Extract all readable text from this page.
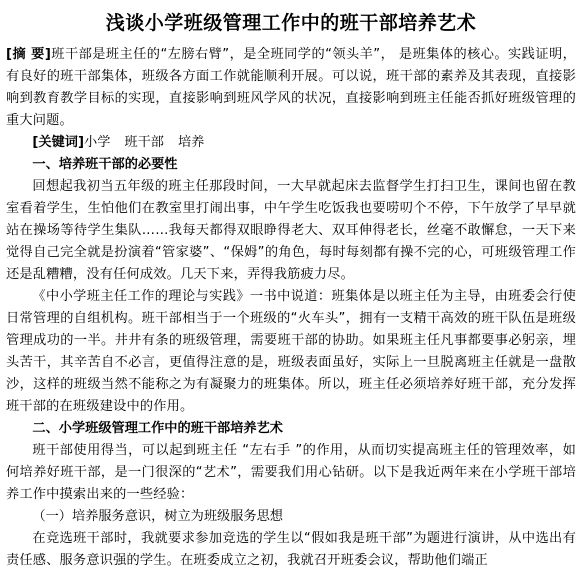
浅谈小学班级管理工作中的班干部培养艺术

[摘 要]班干部是班主任的“左膀右臂”，是全班同学的“领头羊”， 是班集体的核心。实践证明，有良好的班干部集体，班级各方面工作就能顺利开展。可以说，班干部的素养及其表现，直接影响到教育教学目标的实现，直接影响到班风学风的状况，直接影响到班主任能否抓好班级管理的重大问题。

[关键词]小学 班干部 培养

一、培养班干部的必要性

回想起我初当五年级的班主任那段时间，一大早就起床去监督学生打扫卫生，课间也留在教室看着学生，生怕他们在教室里打闹出事，中午学生吃饭我也要唠叨个不停，下午放学了早早就站在操场等待学生集队……我每天都得双眼睁得老大、双耳伸得老长，丝毫不敢懈怠，一天下来觉得自己完全就是扮演着“管家婆”、“保姆”的角色，每时每刻都有操不完的心，可班级管理工作还是乱糟糟，没有任何成效。几天下来，弄得我筋疲力尽。

《中小学班主任工作的理论与实践》一书中说道：班集体是以班主任为主导，由班委会行使日常管理的自组机构。班干部相当于一个班级的“火车头”，拥有一支精干高效的班干队伍是班级管理成功的一半。井井有条的班级管理，需要班干部的协助。如果班主任凡事都要事必躬亲，埋头苦干，其辛苦自不必言，更值得注意的是，班级表面虽好，实际上一旦脱离班主任就是一盘散沙，这样的班级当然不能称之为有凝聚力的班集体。所以，班主任必须培养好班干部，充分发挥班干部的在班级建设中的作用。

二、小学班级管理工作中的班干部培养艺术

班干部使用得当，可以起到班主任 “左右手 ”的作用，从而切实提高班主任的管理效率，如何培养好班干部，是一门很深的“艺术”，需要我们用心钻研。以下是我近两年来在小学班干部培养工作中摸索出来的一些经验：

（一）培养服务意识，树立为班级服务思想

在竞选班干部时，我就要求参加竞选的学生以“假如我是班干部”为题进行演讲，从中选出有责任感、服务意识强的学生。在班委成立之初，我就召开班委会议，帮助他们端正
